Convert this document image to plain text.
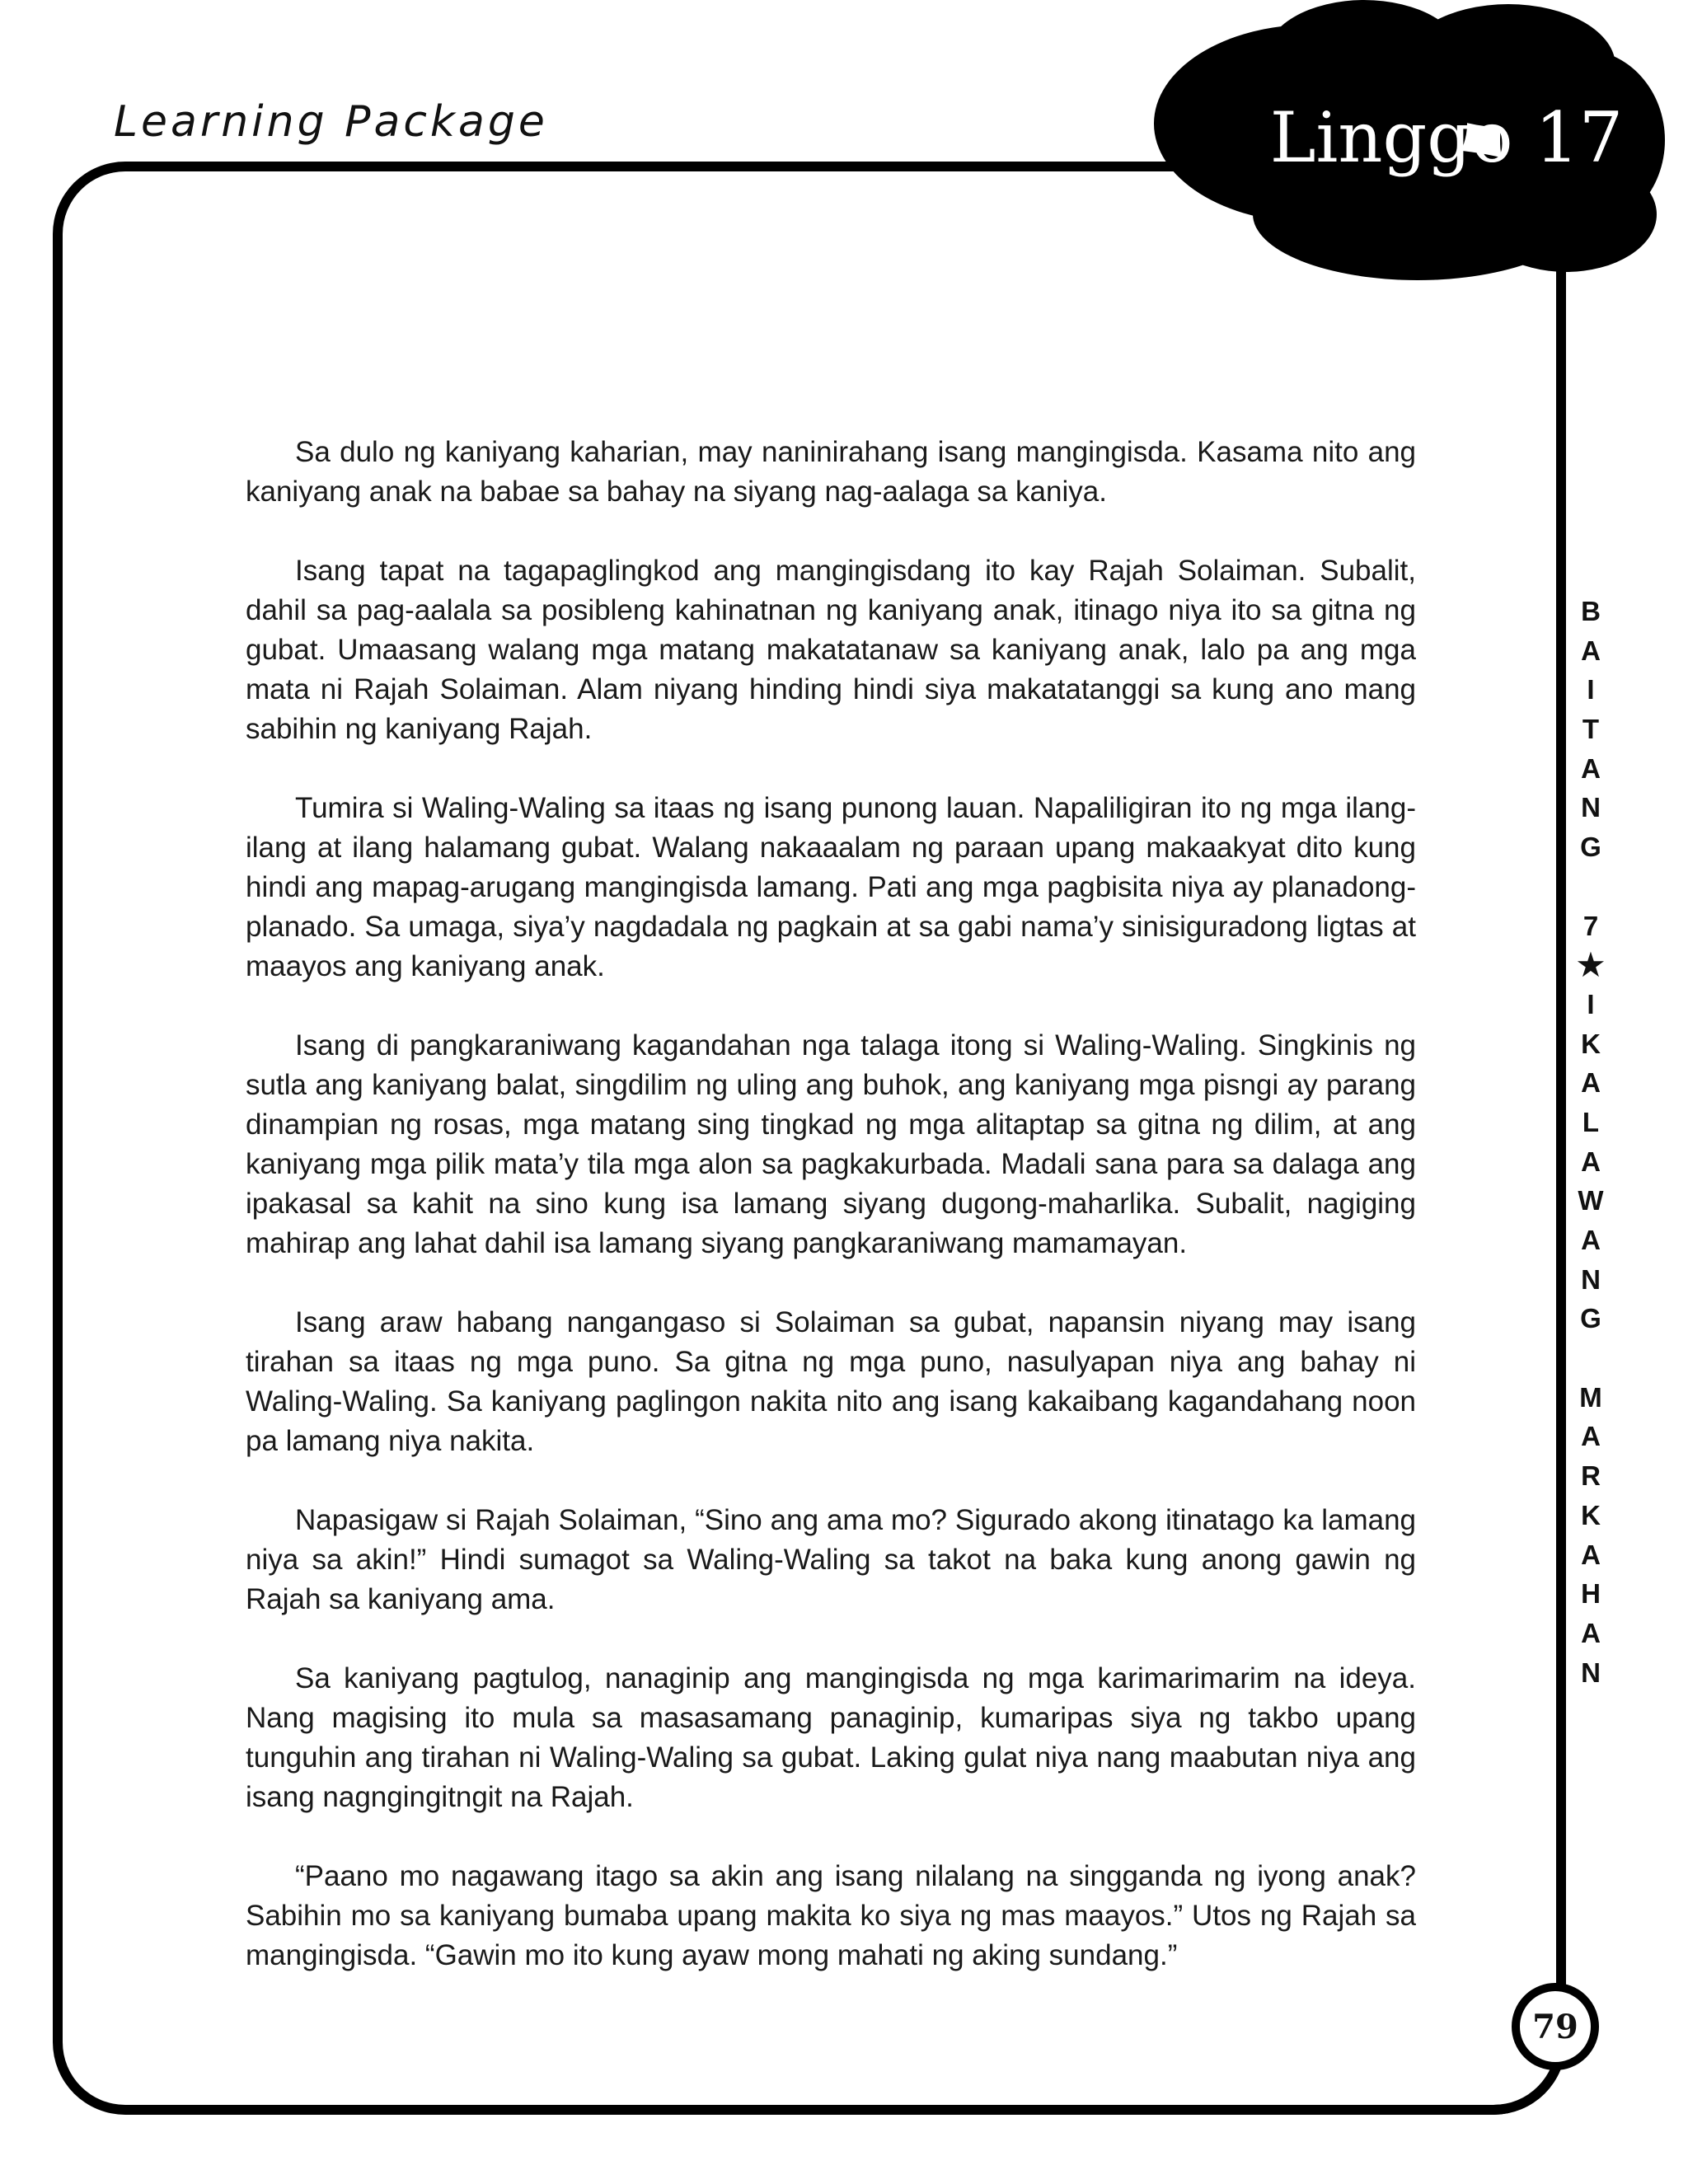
Learning Package	Linggo 17

Sa dulo ng kaniyang kaharian, may naninirahang isang mangingisda. Kasama nito ang kaniyang anak na babae sa bahay na siyang nag-aalaga sa kaniya.

Isang tapat na tagapaglingkod ang mangingisdang ito kay Rajah Solaiman. Subalit, dahil sa pag-aalala sa posibleng kahinatnan ng kaniyang anak, itinago niya ito sa gitna ng gubat. Umaasang walang mga matang makatatanaw sa kaniyang anak, lalo pa ang mga mata ni Rajah Solaiman. Alam niyang hinding hindi siya makatatanggi sa kung ano mang sabihin ng kaniyang Rajah.

Tumira si Waling-Waling sa itaas ng isang punong lauan. Napaliligiran ito ng mga ilang-ilang at ilang halamang gubat. Walang nakaaalam ng paraan upang makaakyat dito kung hindi ang mapag-arugang mangingisda lamang. Pati ang mga pagbisita niya ay planadong-planado. Sa umaga, siya’y nagdadala ng pagkain at sa gabi nama’y sinisiguradong ligtas at maayos ang kaniyang anak.

Isang di pangkaraniwang kagandahan nga talaga itong si Waling-Waling. Singkinis ng sutla ang kaniyang balat, singdilim ng uling ang buhok, ang kaniyang mga pisngi ay parang dinampian ng rosas, mga matang sing tingkad ng mga alitaptap sa gitna ng dilim, at ang kaniyang mga pilik mata’y tila mga alon sa pagkakurbada. Madali sana para sa dalaga ang ipakasal sa kahit na sino kung isa lamang siyang dugong-maharlika. Subalit, nagiging mahirap ang lahat dahil isa lamang siyang pangkaraniwang mamamayan.

Isang araw habang nangangaso si Solaiman sa gubat, napansin niyang may isang tirahan sa itaas ng mga puno. Sa gitna ng mga puno, nasulyapan niya ang bahay ni Waling-Waling. Sa kaniyang paglingon nakita nito ang isang kakaibang kagandahang noon pa lamang niya nakita.

Napasigaw si Rajah Solaiman, “Sino ang ama mo? Sigurado akong itinatago ka lamang niya sa akin!” Hindi sumagot sa Waling-Waling sa takot na baka kung anong gawin ng Rajah sa kaniyang ama.

Sa kaniyang pagtulog, nanaginip ang mangingisda ng mga karimarimarim na ideya. Nang magising ito mula sa masasamang panaginip, kumaripas siya ng takbo upang tunguhin ang tirahan ni Waling-Waling sa gubat. Laking gulat niya nang maabutan niya ang isang nagngingitngit na Rajah.

“Paano mo nagawang itago sa akin ang isang nilalang na singganda ng iyong anak? Sabihin mo sa kaniyang bumaba upang makita ko siya ng mas maayos.” Utos ng Rajah sa mangingisda. “Gawin mo ito kung ayaw mong mahati ng aking sundang.”

B
A
I
T
A
N
G

7
★
I
K
A
L
A
W
A
N
G

M
A
R
K
A
H
A
N
79
